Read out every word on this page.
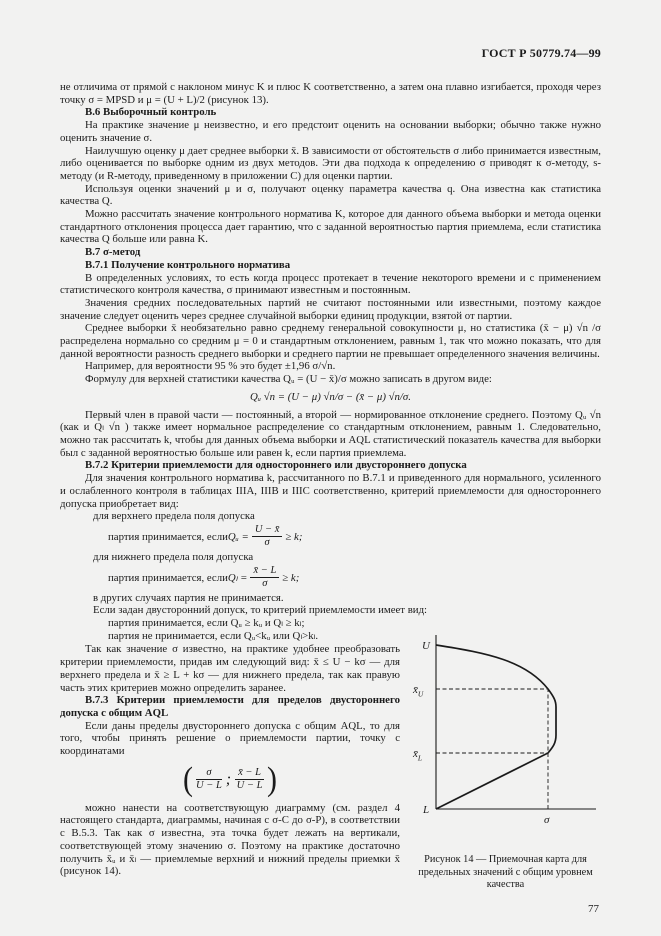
ГОСТ Р 50779.74—99

не отличима от прямой с наклоном минус K и плюс K соответственно, а затем она плавно изгибается, проходя через точку σ = MPSD и μ = (U + L)/2 (рисунок 13).

В.6 Выборочный контроль

На практике значение μ неизвестно, и его предстоит оценить на основании выборки; обычно также нужно оценить значение σ.

Наилучшую оценку μ дает среднее выборки x̄. В зависимости от обстоятельств σ либо принимается известным, либо оценивается по выборке одним из двух методов. Эти два подхода к определению σ приводят к σ-методу, s-методу (и R-методу, приведенному в приложении С) для оценки партии.

Используя оценки значений μ и σ, получают оценку параметра качества q. Она известна как статистика качества Q.

Можно рассчитать значение контрольного норматива K, которое для данного объема выборки и метода оценки стандартного отклонения процесса дает гарантию, что с заданной вероятностью партия приемлема, если статистика качества Q больше или равна K.

В.7 σ-метод

В.7.1 Получение контрольного норматива

В определенных условиях, то есть когда процесс протекает в течение некоторого времени и с применением статистического контроля качества, σ принимают известным и постоянным.

Значения средних последовательных партий не считают постоянными или известными, поэтому каждое значение следует оценить через среднее случайной выборки единиц продукции, взятой от партии.

Среднее выборки x̄ необязательно равно среднему генеральной совокупности μ, но статистика (x̄ − μ) √n /σ распределена нормально со средним μ = 0 и стандартным отклонением, равным 1, так что можно показать, что для данной вероятности разность среднего выборки и среднего партии не превышает определенного значения величины.

Например, для вероятности 95 % это будет ±1,96 σ/√n.

Формулу для верхней статистики качества Qᵤ = (U − x̄)/σ можно записать в другом виде:

Qᵤ √n = (U − μ) √n/σ − (x̄ − μ) √n/σ.

Первый член в правой части — постоянный, а второй — нормированное отклонение среднего. Поэтому Qᵤ √n (как и Qₗ √n ) также имеет нормальное распределение со стандартным отклонением, равным 1. Следовательно, можно так рассчитать k, чтобы для данных объема выборки и AQL статистический показатель качества для выборки был с заданной вероятностью больше или равен k, если партия приемлема.

В.7.2 Критерии приемлемости для одностороннего или двустороннего допуска

Для значения контрольного норматива k, рассчитанного по В.7.1 и приведенного для нормального, усиленного и ослабленного контроля в таблицах IIIA, IIIB и IIIC соответственно, критерий приемлемости для одностороннего допуска приобретает вид:

для верхнего предела поля допуска

партия принимается, если Qᵤ = $\frac{U - x̄}{\sigma} \ge k$;

для нижнего предела поля допуска

партия принимается, если $Q_l = \frac{x̄ - L}{\sigma} \ge k$;

в других случаях партия не принимается.

Если задан двусторонний допуск, то критерий приемлемости имеет вид:

партия принимается, если Qᵤ ≥ kᵤ и Qₗ ≥ kₗ;

партия не принимается, если Qᵤ<kᵤ или Qₗ>kₗ.

Так как значение σ известно, на практике удобнее преобразовать критерии приемлемости, придав им следующий вид: x̄ ≤ U − kσ — для верхнего предела и x̄ ≥ L + kσ — для нижнего предела, так как правую часть этих критериев можно определить заранее.

В.7.3 Критерии приемлемости для пределов двустороннего допуска с общим AQL

Если даны пределы двустороннего допуска с общим AQL, то для того, чтобы принять решение о приемлемости партии, точку с координатами

( $\frac{\sigma}{U - L}$ ; $\frac{x̄ - L}{U - L}$ )

можно нанести на соответствующую диаграмму (см. раздел 4 настоящего стандарта, диаграммы, начиная с σ-С до σ-Р), в соответствии с В.5.3. Так как σ известна, эта точка будет лежать на вертикали, соответствующей этому значению σ. Поэтому на практике достаточно получить x̄ᵤ и x̄ₗ — приемлемые верхний и нижний пределы приемки x̄ (рисунок 14).

U
$x̄_U$
$x̄_L$
L
σ
Рисунок 14 — Приемочная карта для предельных значений с общим уровнем качества
77
